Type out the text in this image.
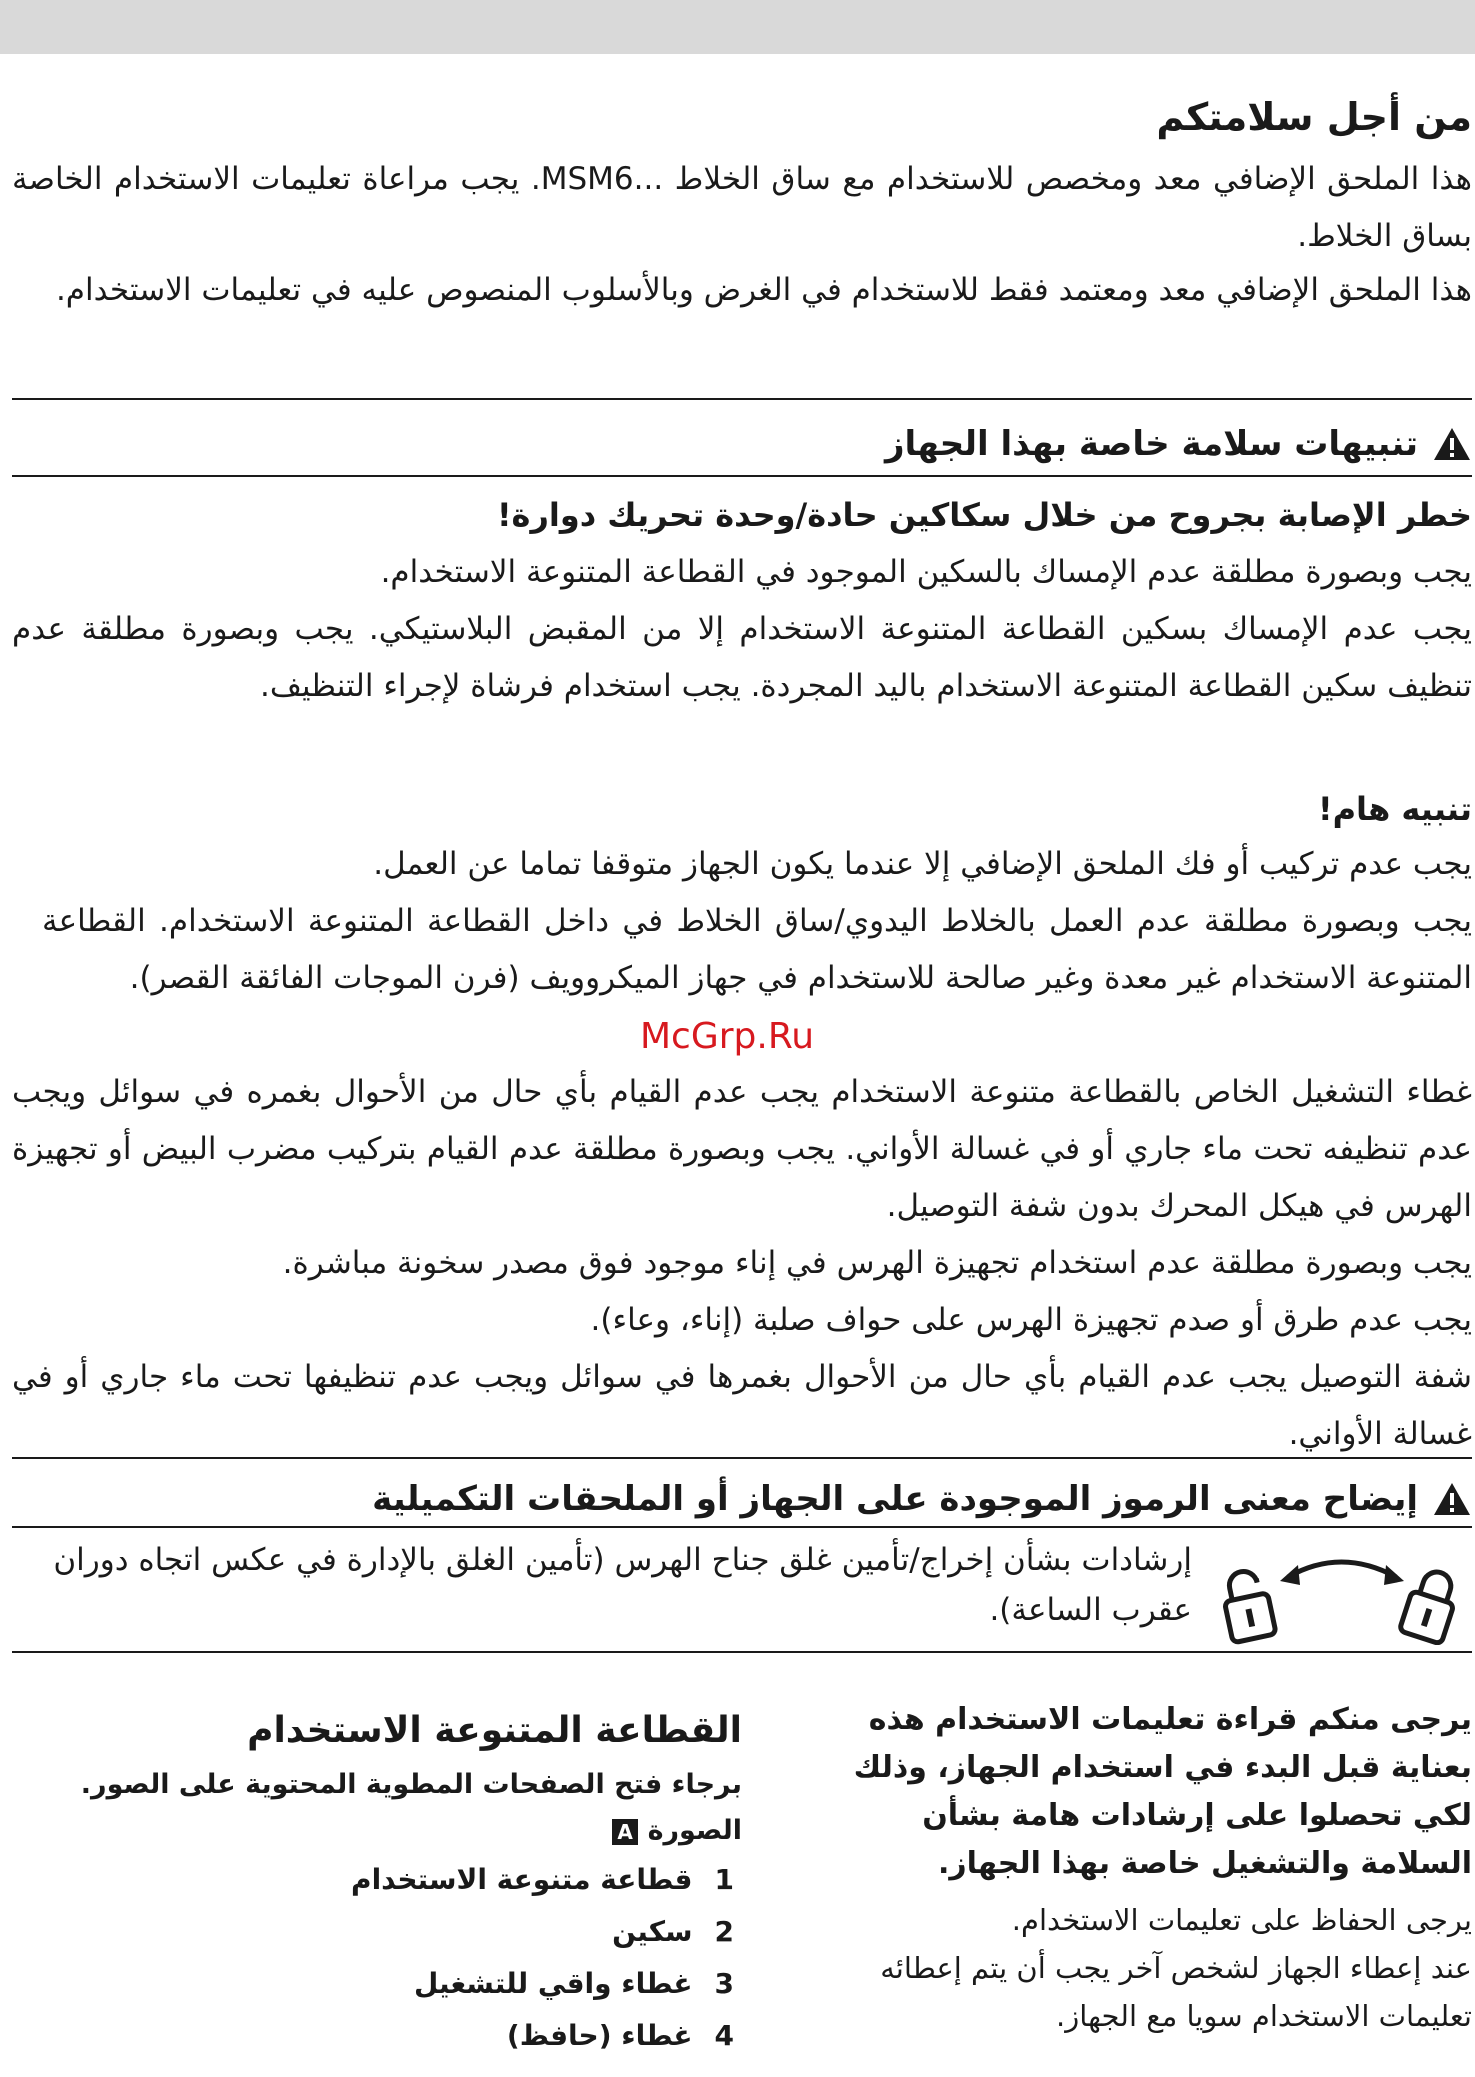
من أجل سلامتكم
هذا الملحق الإضافي معد ومخصص للاستخدام مع ساق الخلاط ...MSM6. يجب مراعاة تعليمات الاستخدام الخاصة بساق الخلاط.
هذا الملحق الإضافي معد ومعتمد فقط للاستخدام في الغرض وبالأسلوب المنصوص عليه في تعليمات الاستخدام.
تنبيهات سلامة خاصة بهذا الجهاز
خطر الإصابة بجروح من خلال سكاكين حادة/وحدة تحريك دوارة!
يجب وبصورة مطلقة عدم الإمساك بالسكين الموجود في القطاعة المتنوعة الاستخدام.
يجب عدم الإمساك بسكين القطاعة المتنوعة الاستخدام إلا من المقبض البلاستيكي. يجب وبصورة مطلقة عدم تنظيف سكين القطاعة المتنوعة الاستخدام باليد المجردة. يجب استخدام فرشاة لإجراء التنظيف.
تنبيه هام!
يجب عدم تركيب أو فك الملحق الإضافي إلا عندما يكون الجهاز متوقفا تماما عن العمل.
يجب وبصورة مطلقة عدم العمل بالخلاط اليدوي/ساق الخلاط في داخل القطاعة المتنوعة الاستخدام. القطاعة المتنوعة الاستخدام غير معدة وغير صالحة للاستخدام في جهاز الميكروويف (فرن الموجات الفائقة القصر).
غطاء التشغيل الخاص بالقطاعة متنوعة الاستخدام يجب عدم القيام بأي حال من الأحوال بغمره في سوائل ويجب عدم تنظيفه تحت ماء جاري أو في غسالة الأواني. يجب وبصورة مطلقة عدم القيام بتركيب مضرب البيض أو تجهيزة الهرس في هيكل المحرك بدون شفة التوصيل.
يجب وبصورة مطلقة عدم استخدام تجهيزة الهرس في إناء موجود فوق مصدر سخونة مباشرة.
يجب عدم طرق أو صدم تجهيزة الهرس على حواف صلبة (إناء، وعاء).
شفة التوصيل يجب عدم القيام بأي حال من الأحوال بغمرها في سوائل ويجب عدم تنظيفها تحت ماء جاري أو في غسالة الأواني.
إيضاح معنى الرموز الموجودة على الجهاز أو الملحقات التكميلية
إرشادات بشأن إخراج/تأمين غلق جناح الهرس (تأمين الغلق بالإدارة في عكس اتجاه دوران عقرب الساعة).
يرجى منكم قراءة تعليمات الاستخدام هذه بعناية قبل البدء في استخدام الجهاز، وذلك لكي تحصلوا على إرشادات هامة بشأن السلامة والتشغيل خاصة بهذا الجهاز.
يرجى الحفاظ على تعليمات الاستخدام.
عند إعطاء الجهاز لشخص آخر يجب أن يتم إعطائه تعليمات الاستخدام سويا مع الجهاز.
القطاعة المتنوعة الاستخدام
برجاء فتح الصفحات المطوية المحتوية على الصور.
الصورة A
1
قطاعة متنوعة الاستخدام
2
سكين
3
غطاء واقي للتشغيل
4
غطاء (حافظ)
McGrp.Ru
